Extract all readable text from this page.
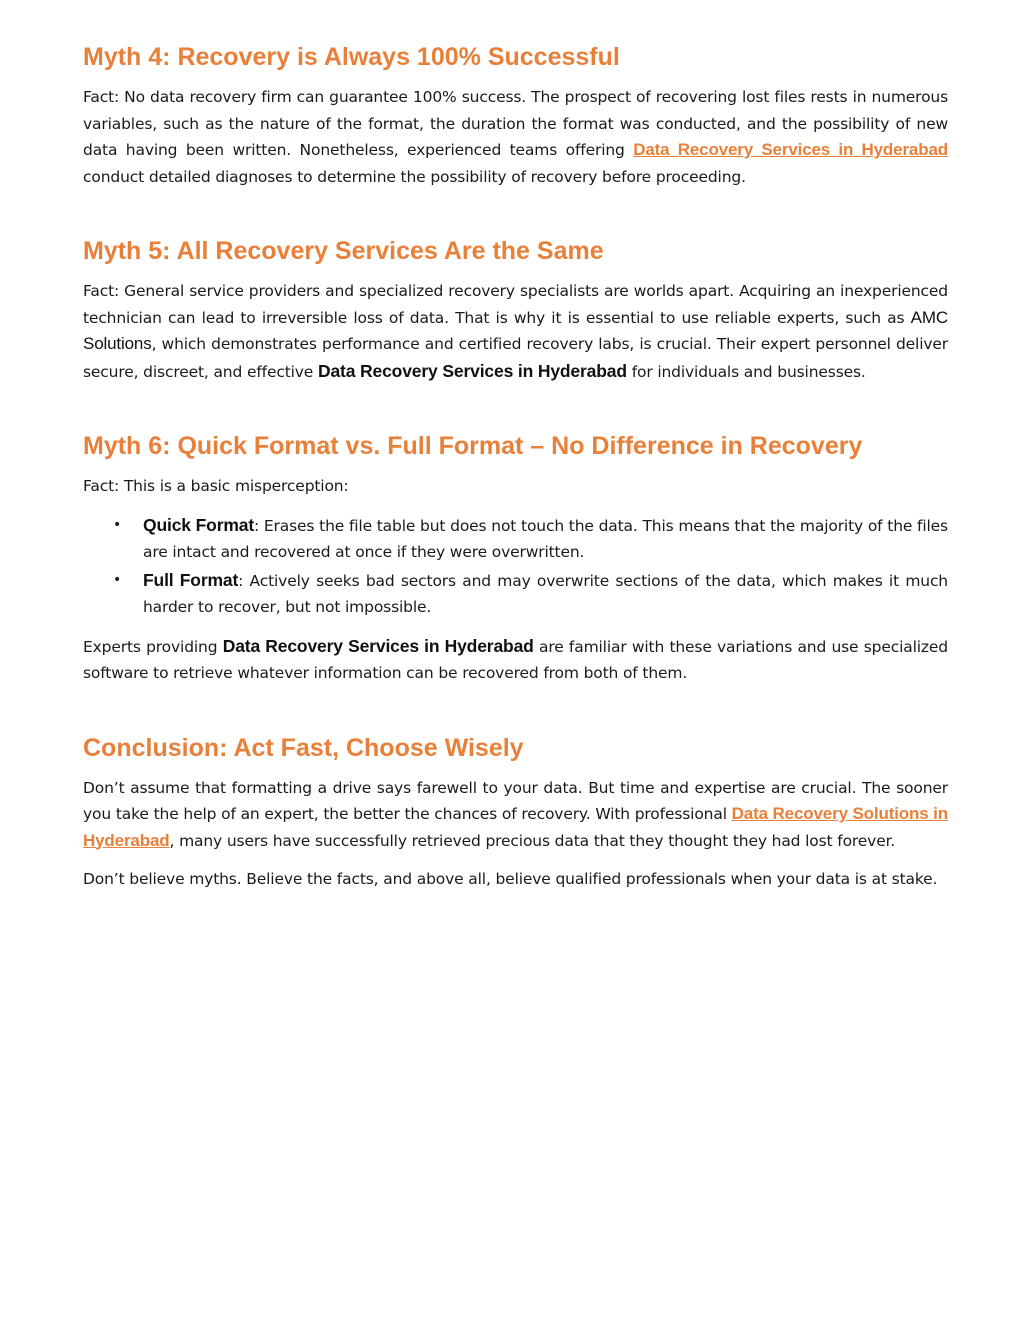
Myth 4: Recovery is Always 100% Successful

Fact: No data recovery firm can guarantee 100% success. The prospect of recovering lost files rests in numerous variables, such as the nature of the format, the duration the format was conducted, and the possibility of new data having been written. Nonetheless, experienced teams offering Data Recovery Services in Hyderabad conduct detailed diagnoses to determine the possibility of recovery before proceeding.

Myth 5: All Recovery Services Are the Same

Fact: General service providers and specialized recovery specialists are worlds apart. Acquiring an inexperienced technician can lead to irreversible loss of data. That is why it is essential to use reliable experts, such as AMC Solutions, which demonstrates performance and certified recovery labs, is crucial. Their expert personnel deliver secure, discreet, and effective Data Recovery Services in Hyderabad for individuals and businesses.

Myth 6: Quick Format vs. Full Format – No Difference in Recovery

Fact: This is a basic misperception:

• Quick Format: Erases the file table but does not touch the data. This means that the majority of the files are intact and recovered at once if they were overwritten.
• Full Format: Actively seeks bad sectors and may overwrite sections of the data, which makes it much harder to recover, but not impossible.

Experts providing Data Recovery Services in Hyderabad are familiar with these variations and use specialized software to retrieve whatever information can be recovered from both of them.

Conclusion: Act Fast, Choose Wisely

Don’t assume that formatting a drive says farewell to your data. But time and expertise are crucial. The sooner you take the help of an expert, the better the chances of recovery. With professional Data Recovery Solutions in Hyderabad, many users have successfully retrieved precious data that they thought they had lost forever.

Don’t believe myths. Believe the facts, and above all, believe qualified professionals when your data is at stake.
